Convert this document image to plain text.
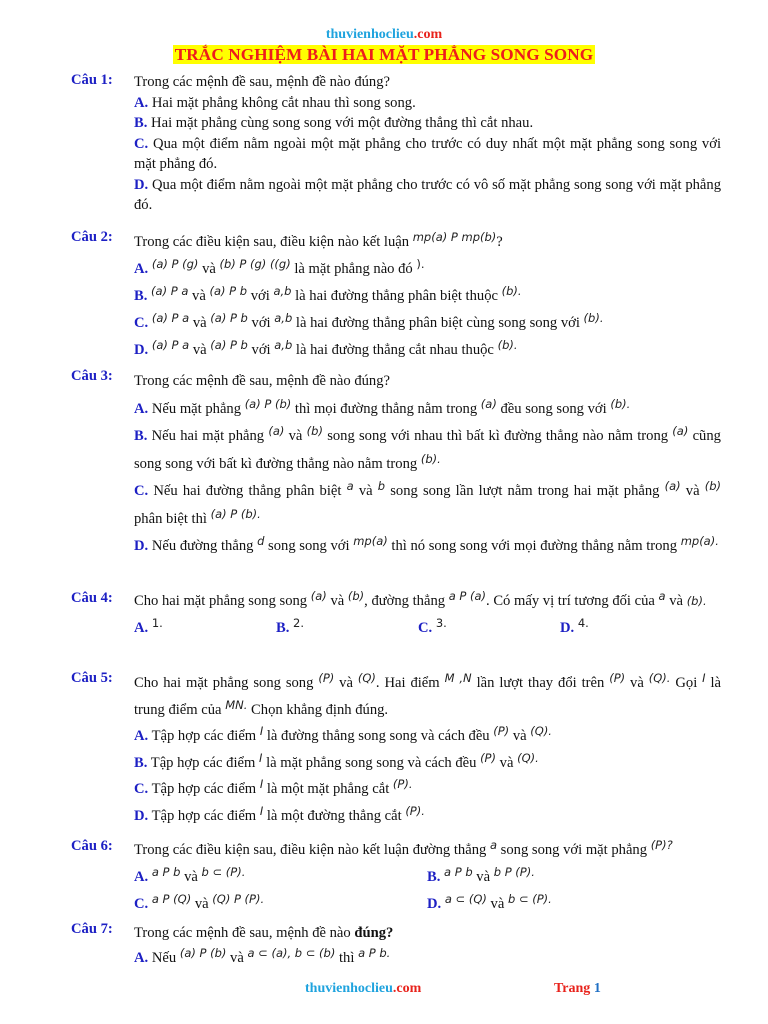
thuvienhoclieu.com
TRẮC NGHIỆM BÀI HAI MẶT PHẲNG SONG SONG
Câu 1: Trong các mệnh đề sau, mệnh đề nào đúng?
A. Hai mặt phẳng không cắt nhau thì song song.
B. Hai mặt phẳng cùng song song với một đường thẳng thì cắt nhau.
C. Qua một điểm nằm ngoài một mặt phẳng cho trước có duy nhất một mặt phẳng song song với mặt phẳng đó.
D. Qua một điểm nằm ngoài một mặt phẳng cho trước có vô số mặt phẳng song song với mặt phẳng đó.
Câu 2: Trong các điều kiện sau, điều kiện nào kết luận $^{mp(a) P mp(b)}$?
A. $^{(a) P (g)}$ và $^{(b) P (g) ((g)}$ là mặt phẳng nào đó ).
B. $^{(a) P a}$ và $^{(a) P b}$ với $^{a,b}$ là hai đường thẳng phân biệt thuộc $^{(b).}$
C. $^{(a) P a}$ và $^{(a) P b}$ với $^{a,b}$ là hai đường thẳng phân biệt cùng song song với $^{(b).}$
D. $^{(a) P a}$ và $^{(a) P b}$ với $^{a,b}$ là hai đường thẳng cắt nhau thuộc $^{(b).}$
Câu 3: Trong các mệnh đề sau, mệnh đề nào đúng?
A. Nếu mặt phẳng $^{(a) P (b)}$ thì mọi đường thẳng nằm trong $^{(a)}$ đều song song với $^{(b).}$
B. Nếu hai mặt phẳng $^{(a)}$ và $^{(b)}$ song song với nhau thì bất kì đường thẳng nào nằm trong $^{(a)}$ cũng song song với bất kì đường thẳng nào nằm trong $^{(b).}$
C. Nếu hai đường thẳng phân biệt $^a$ và $^b$ song song lần lượt nằm trong hai mặt phẳng $^{(a)}$ và $^{(b)}$ phân biệt thì $^{(a) P (b).}$
D. Nếu đường thẳng $^d$ song song với $^{mp(a)}$ thì nó song song với mọi đường thẳng nằm trong $^{mp(a).}$
Câu 4: Cho hai mặt phẳng song song $^{(a)}$ và $^{(b)}$, đường thẳng $^{a P (a)}$. Có mấy vị trí tương đối của $^a$ và (b).
A. $^{1.}$	B. $^{2.}$	C. $^{3.}$	D. $^{4.}$
Câu 5: Cho hai mặt phẳng song song $^{(P)}$ và $^{(Q)}$. Hai điểm $^{M ,N}$ lần lượt thay đổi trên $^{(P)}$ và $^{(Q).}$ Gọi $^I$ là trung điểm của $^{MN.}$ Chọn khẳng định đúng.
A. Tập hợp các điểm $^I$ là đường thẳng song song và cách đều $^{(P)}$ và $^{(Q).}$
B. Tập hợp các điểm $^I$ là mặt phẳng song song và cách đều $^{(P)}$ và $^{(Q).}$
C. Tập hợp các điểm $^I$ là một mặt phẳng cắt $^{(P).}$
D. Tập hợp các điểm $^I$ là một đường thẳng cắt $^{(P).}$
Câu 6: Trong các điều kiện sau, điều kiện nào kết luận đường thẳng $^a$ song song với mặt phẳng $^{(P)?}$
A. $^{a P b}$ và $^{b \subset (P).}$	B. $^{a P b}$ và $^{b P (P).}$
C. $^{a P (Q)}$ và $^{(Q) P (P).}$	D. $^{a \subset (Q)}$ và $^{b \subset (P).}$
Câu 7: Trong các mệnh đề sau, mệnh đề nào đúng?
A. Nếu $^{(a) P (b)}$ và $^{a \subset (a), b \subset (b)}$ thì $^{a P b.}$
thuvienhoclieu.com	Trang 1
